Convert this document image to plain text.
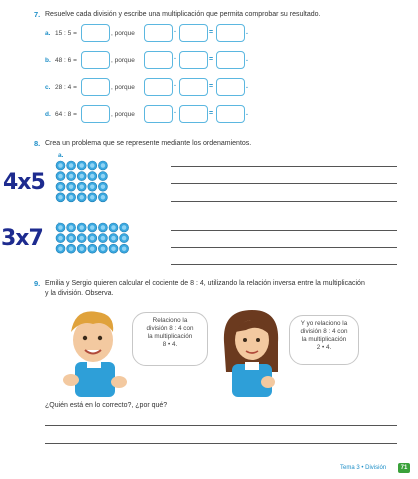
7. Resuelve cada división y escribe una multiplicación que permita comprobar su resultado.
a. 15 : 5 =	, porque	·	=	.
b. 48 : 6 =	, porque	·	=	.
c. 28 : 4 =	, porque	·	=	.
d. 64 : 8 =	, porque	·	=	.
8. Crea un problema que se represente mediante los ordenamientos.
a.
4x5
3x7
9. Emilia y Sergio quieren calcular el cociente de 8 : 4, utilizando la relación inversa entre la multiplicación
y la división. Observa.
Relaciono la
división 8 : 4 con
la multiplicación
8 • 4.
Y yo relaciono la
división 8 : 4 con
la multiplicación
2 • 4.
¿Quién está en lo correcto?, ¿por qué?
Tema 3 • División	71
